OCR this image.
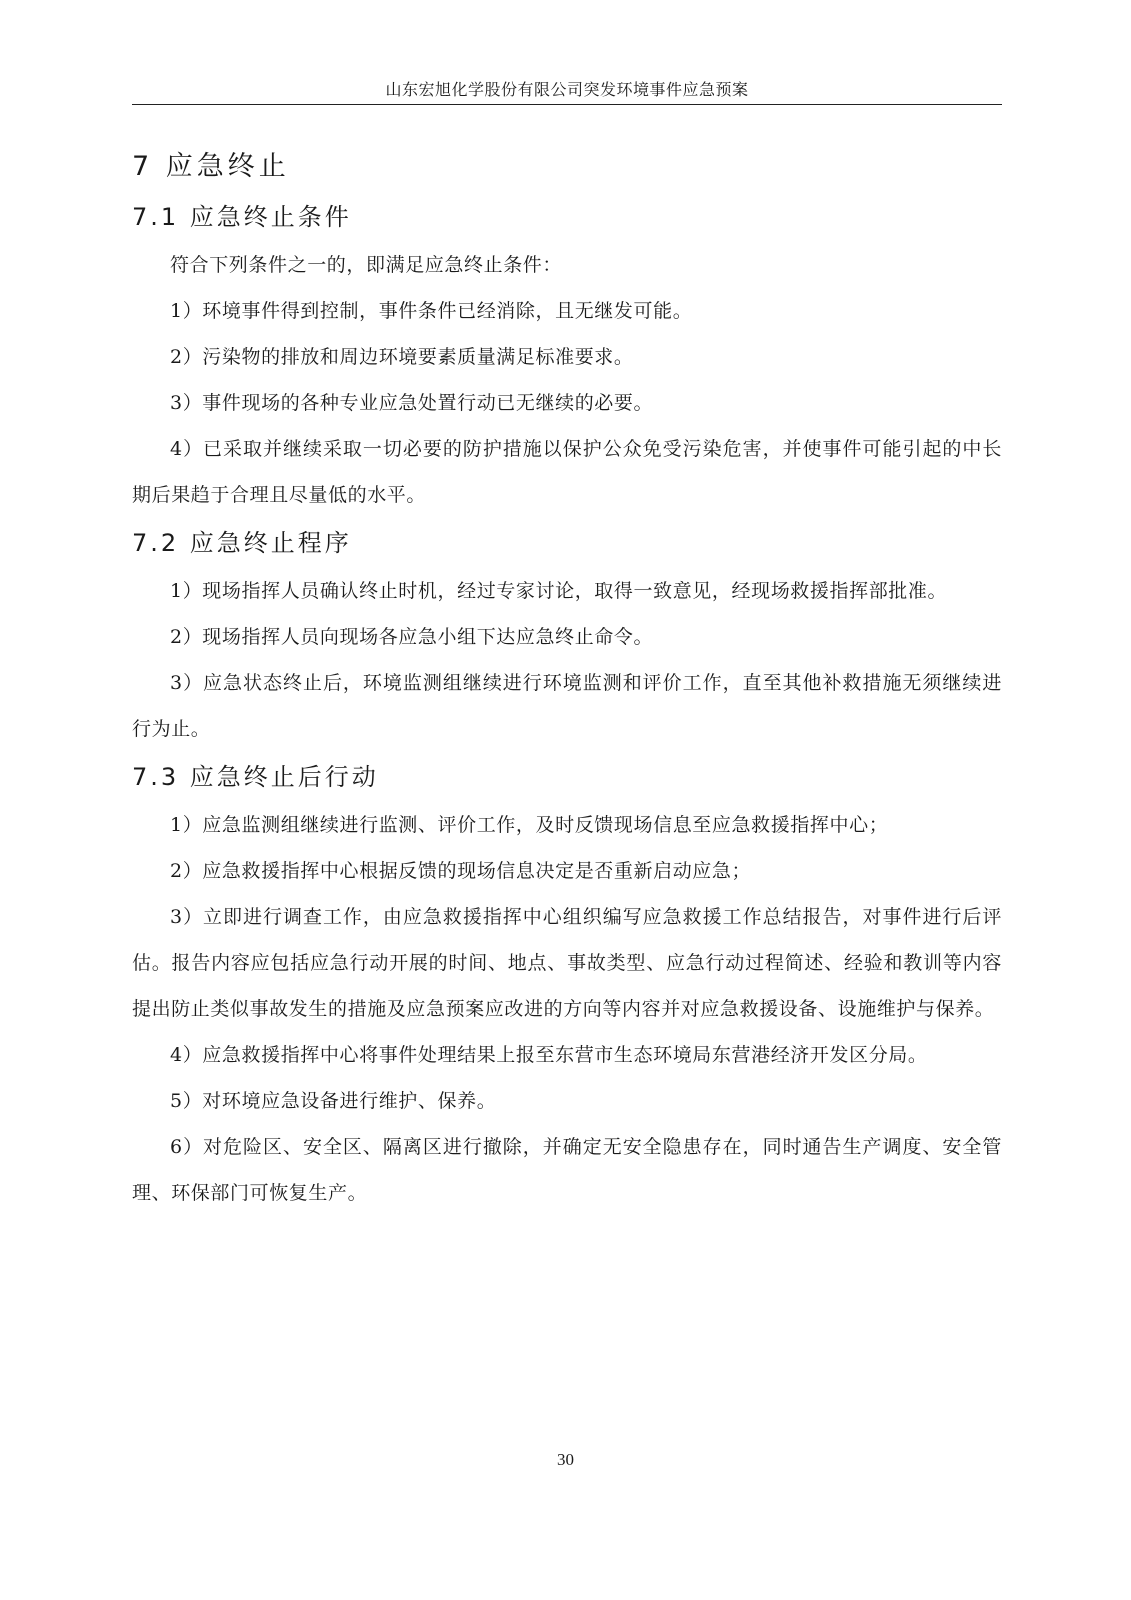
山东宏旭化学股份有限公司突发环境事件应急预案
7 应急终止
7.1 应急终止条件

符合下列条件之一的，即满足应急终止条件：

1）环境事件得到控制，事件条件已经消除，且无继发可能。

2）污染物的排放和周边环境要素质量满足标准要求。

3）事件现场的各种专业应急处置行动已无继续的必要。

4）已采取并继续采取一切必要的防护措施以保护公众免受污染危害，并使事件可能引起的中长期后果趋于合理且尽量低的水平。

7.2 应急终止程序

1）现场指挥人员确认终止时机，经过专家讨论，取得一致意见，经现场救援指挥部批准。

2）现场指挥人员向现场各应急小组下达应急终止命令。

3）应急状态终止后，环境监测组继续进行环境监测和评价工作，直至其他补救措施无须继续进行为止。

7.3 应急终止后行动

1）应急监测组继续进行监测、评价工作，及时反馈现场信息至应急救援指挥中心；

2）应急救援指挥中心根据反馈的现场信息决定是否重新启动应急；

3）立即进行调查工作，由应急救援指挥中心组织编写应急救援工作总结报告，对事件进行后评估。报告内容应包括应急行动开展的时间、地点、事故类型、应急行动过程简述、经验和教训等内容　提出防止类似事故发生的措施及应急预案应改进的方向等内容并对应急救援设备、设施维护与保养。

4）应急救援指挥中心将事件处理结果上报至东营市生态环境局东营港经济开发区分局。

5）对环境应急设备进行维护、保养。

6）对危险区、安全区、隔离区进行撤除，并确定无安全隐患存在，同时通告生产调度、安全管理、环保部门可恢复生产。

30
